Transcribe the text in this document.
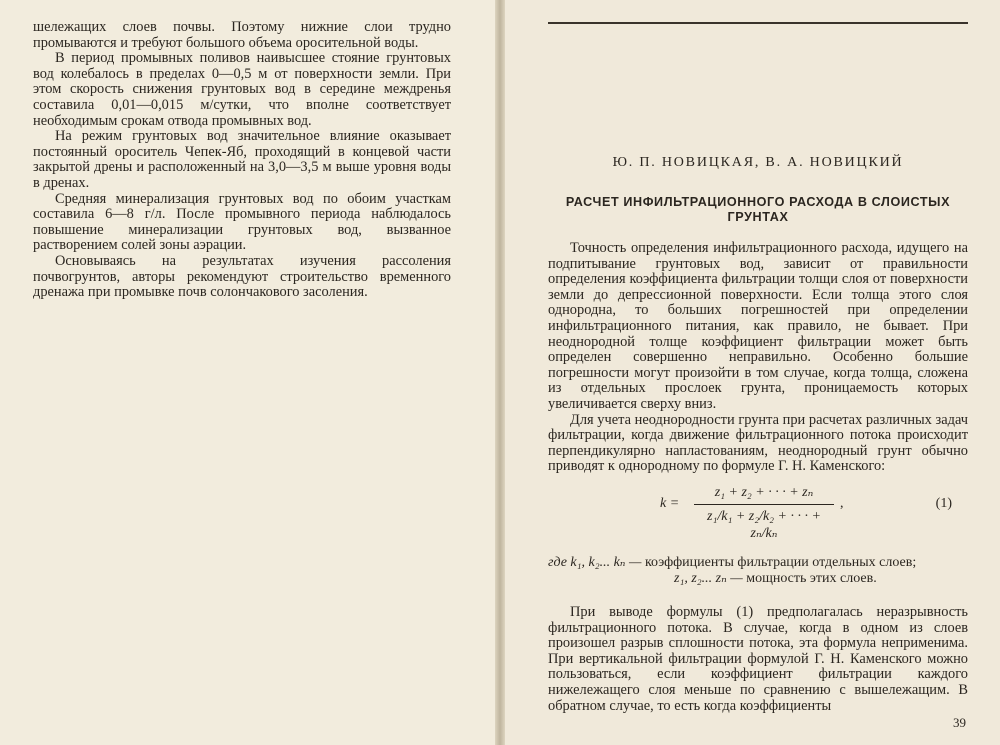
шележащих слоев почвы. Поэтому нижние слои трудно промываются и требуют большого объема оросительной воды.

В период промывных поливов наивысшее стояние грунтовых вод колебалось в пределах 0—0,5 м от поверхности земли. При этом скорость снижения грунтовых вод в середине междренья составила 0,01—0,015 м/сутки, что вполне соответствует необходимым срокам отвода промывных вод.

На режим грунтовых вод значительное влияние оказывает постоянный ороситель Чепек-Яб, проходящий в концевой части закрытой дрены и расположенный на 3,0—3,5 м выше уровня воды в дренах.

Средняя минерализация грунтовых вод по обоим участкам составила 6—8 г/л. После промывного периода наблюдалось повышение минерализации грунтовых вод, вызванное растворением солей зоны аэрации.

Основываясь на результатах изучения рассоления почвогрунтов, авторы рекомендуют строительство временного дренажа при промывке почв солончакового засоления.

Ю. П. НОВИЦКАЯ, В. А. НОВИЦКИЙ
РАСЧЕТ ИНФИЛЬТРАЦИОННОГО РАСХОДА В СЛОИСТЫХ ГРУНТАХ

Точность определения инфильтрационного расхода, идущего на подпитывание грунтовых вод, зависит от правильности определения коэффициента фильтрации толщи слоя от поверхности земли до депрессионной поверхности. Если толща этого слоя однородна, то больших погрешностей при определении инфильтрационного питания, как правило, не бывает. При неоднородной толще коэффициент фильтрации может быть определен совершенно неправильно. Особенно большие погрешности могут произойти в том случае, когда толща, сложена из отдельных прослоек грунта, проницаемость которых увеличивается сверху вниз.

Для учета неоднородности грунта при расчетах различных задач фильтрации, когда движение фильтрационного потока происходит перпендикулярно напластованиям, неоднородный грунт обычно приводят к однородному по формуле Г. Н. Каменского:

k =
z₁ + z₂ + · · · + zₙ
z₁/k₁ + z₂/k₂ + · · · + zₙ/kₙ
,	(1)
где k₁, k₂... kₙ — коэффициенты фильтрации отдельных слоев;
z₁, z₂... zₙ — мощность этих слоев.

При выводе формулы (1) предполагалась неразрывность фильтрационного потока. В случае, когда в одном из слоев произошел разрыв сплошности потока, эта формула неприменима. При вертикальной фильтрации формулой Г. Н. Каменского можно пользоваться, если коэффициент фильтрации каждого нижележащего слоя меньше по сравнению с вышележащим. В обратном случае, то есть когда коэффициенты

39
